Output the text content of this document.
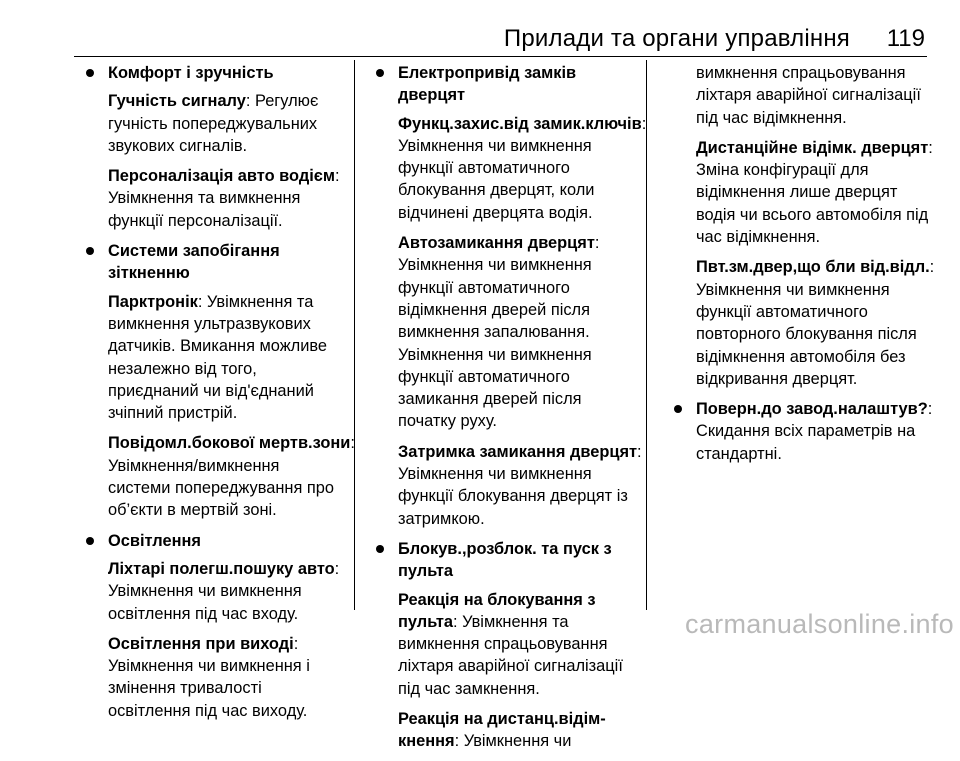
Прилади та органи управління 119
Комфорт і зручність
Гучність сигналу: Регулює
гучність попереджувальних
звукових сигналів.
Персоналізація авто водієм:
Увімкнення та вимкнення
функції персоналізації.
Системи запобігання зіткненню
Парктронік: Увімкнення та
вимкнення ультразвукових
датчиків. Вмикання можливе
незалежно від того,
приєднаний чи від'єднаний
зчіпний пристрій.
Повідомл.бокової мертв.зони:
Увімкнення/вимкнення
системи попереджування про
об’єкти в мертвій зоні.
Освітлення
Ліхтарі полегш.пошуку авто:
Увімкнення чи вимкнення
освітлення під час входу.
Освітлення при виході:
Увімкнення чи вимкнення і
змінення тривалості
освітлення під час виходу.
Електропривід замків дверцят
Функц.захис.від замик.ключів:
Увімкнення чи вимкнення
функції автоматичного
блокування дверцят, коли
відчинені дверцята водія.
Автозамикання дверцят:
Увімкнення чи вимкнення
функції автоматичного
відімкнення дверей після
вимкнення запалювання.
Увімкнення чи вимкнення
функції автоматичного
замикання дверей після
початку руху.
Затримка замикання дверцят:
Увімкнення чи вимкнення
функції блокування дверцят із
затримкою.
Блокув.,розблок. та пуск з
пульта
Реакція на блокування з
пульта: Увімкнення та
вимкнення спрацьовування
ліхтаря аварійної сигналізації
під час замкнення.
Реакція на дистанц.відім-
кнення: Увімкнення чи
вимкнення спрацьовування
ліхтаря аварійної сигналізації
під час відімкнення.
Дистанційне відімк. дверцят:
Зміна конфігурації для
відімкнення лише дверцят
водія чи всього автомобіля під
час відімкнення.
Пвт.зм.двер,що бли від.відл.:
Увімкнення чи вимкнення
функції автоматичного
повторного блокування після
відімкнення автомобіля без
відкривання дверцят.
Поверн.до завод.налаштув?:
Скидання всіх параметрів на
стандартні.
carmanualsonline.info
